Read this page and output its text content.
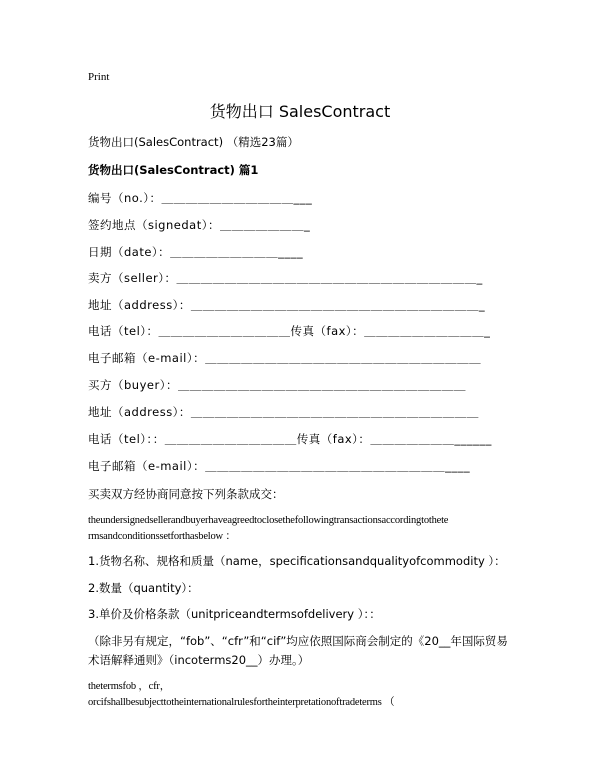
Print
货物出口 SalesContract
货物出口(SalesContract) （精选23篇）
货物出口(SalesContract) 篇1
编号（no.）：＿＿＿＿＿＿＿＿＿＿＿___
签约地点（signedat）：＿＿＿＿＿＿＿_
日期（date）：＿＿＿＿＿＿＿＿＿____
卖方（seller）：＿＿＿＿＿＿＿＿＿＿＿＿＿＿＿＿＿＿＿＿＿＿＿＿＿_
地址（address）：＿＿＿＿＿＿＿＿＿＿＿＿＿＿＿＿＿＿＿＿＿＿＿＿_
电话（tel）：＿＿＿＿＿＿＿＿＿＿＿传真（fax）：＿＿＿＿＿＿＿＿＿＿_
电子邮箱（e-mail）：＿＿＿＿＿＿＿＿＿＿＿＿＿＿＿＿＿＿＿＿＿＿＿
买方（buyer）：＿＿＿＿＿＿＿＿＿＿＿＿＿＿＿＿＿＿＿＿＿＿＿＿
地址（address）：＿＿＿＿＿＿＿＿＿＿＿＿＿＿＿＿＿＿＿＿＿＿＿＿
电话（tel）：：＿＿＿＿＿＿＿＿＿＿＿传真（fax）：＿＿＿＿＿＿＿______
电子邮箱（e-mail）：＿＿＿＿＿＿＿＿＿＿＿＿＿＿＿＿＿＿＿＿____
买卖双方经协商同意按下列条款成交：
theundersignedsellerandbuyerhaveagreedtoclosethefollowingtransactionsaccordingtothete
rmsandconditionssetforthasbelow ：
1.货物名称、规格和质量（name，specificationsandqualityofcommodity ）：
2.数量（quantity）：
3.单价及价格条款（unitpriceandtermsofdelivery ）：：
（除非另有规定，“fob”、“cfr”和“cif”均应依照国际商会制定的《20__年国际贸易
术语解释通则》（incoterms20__）办理。）
thetermsfob ，cfr，
orcifshallbesubjecttotheinternationalrulesfortheinterpretationoftradeterms （
